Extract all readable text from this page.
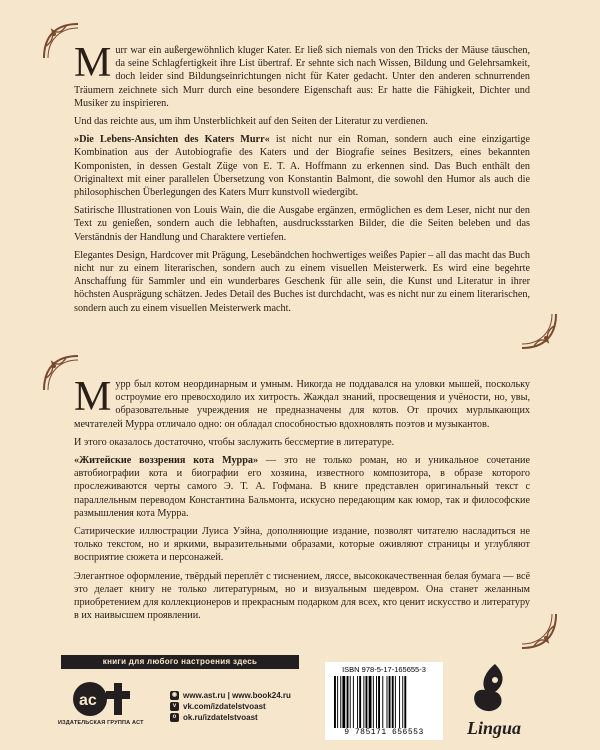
Murr war ein außergewöhnlich kluger Kater. Er ließ sich niemals von den Tricks der Mäuse täuschen, da seine Schlagfertigkeit ihre List übertraf. Er sehnte sich nach Wissen, Bildung und Gelehrsamkeit, doch leider sind Bildungseinrichtungen nicht für Kater gedacht. Unter den anderen schnurrenden Träumern zeichnete sich Murr durch eine besondere Eigenschaft aus: Er hatte die Fähigkeit, Dichter und Musiker zu inspirieren.

Und das reichte aus, um ihm Unsterblichkeit auf den Seiten der Literatur zu verdienen.

»Die Lebens-Ansichten des Katers Murr« ist nicht nur ein Roman, sondern auch eine einzigartige Kombination aus der Autobiografie des Katers und der Biografie seines Besitzers, eines bekannten Komponisten, in dessen Gestalt Züge von E. T. A. Hoffmann zu erkennen sind. Das Buch enthält den Originaltext mit einer parallelen Übersetzung von Konstantin Balmont, die sowohl den Humor als auch die philosophischen Überlegungen des Katers Murr kunstvoll wiedergibt.

Satirische Illustrationen von Louis Wain, die die Ausgabe ergänzen, ermöglichen es dem Leser, nicht nur den Text zu genießen, sondern auch die lebhaften, ausdrucksstarken Bilder, die die Seiten beleben und das Verständnis der Handlung und Charaktere vertiefen.

Elegantes Design, Hardcover mit Prägung, Lesebändchen hochwertiges weißes Papier – all das macht das Buch nicht nur zu einem literarischen, sondern auch zu einem visuellen Meisterwerk. Es wird eine begehrte Anschaffung für Sammler und ein wunderbares Geschenk für alle sein, die Kunst und Literatur in ihrer höchsten Ausprägung schätzen. Jedes Detail des Buches ist durchdacht, was es nicht nur zu einem literarischen, sondern auch zu einem visuellen Meisterwerk macht.

Мурр был котом неординарным и умным. Никогда не поддавался на уловки мышей, поскольку остроумие его превосходило их хитрость. Жаждал знаний, просвещения и учёности, но, увы, образовательные учреждения не предназначены для котов. От прочих мурлыкающих мечтателей Мурра отличало одно: он обладал способностью вдохновлять поэтов и музыкантов.

И этого оказалось достаточно, чтобы заслужить бессмертие в литературе.

«Житейские воззрения кота Мурра» — это не только роман, но и уникальное сочетание автобиографии кота и биографии его хозяина, известного композитора, в образе которого прослеживаются черты самого Э. Т. А. Гофмана. В книге представлен оригинальный текст с параллельным переводом Константина Бальмонта, искусно передающим как юмор, так и философские размышления кота Мурра.

Сатирические иллюстрации Луиса Уэйна, дополняющие издание, позволят читателю насладиться не только текстом, но и яркими, выразительными образами, которые оживляют страницы и углубляют восприятие сюжета и персонажей.

Элегантное оформление, твёрдый переплёт с тиснением, ляссе, высококачественная белая бумага — всё это делает книгу не только литературным, но и визуальным шедевром. Она станет желанным приобретением для коллекционеров и прекрасным подарком для всех, кто ценит искусство и литературу в их наивысшем проявлении.

книги для любого настроения здесь
ас
ИЗДАТЕЛЬСКАЯ ГРУППА АСТ
◉ www.ast.ru | www.book24.ru
v vk.com/izdatelstvoast
o ok.ru/izdatelstvoast
ISBN 978-5-17-165655-3
9 785171 656553	Lingua
